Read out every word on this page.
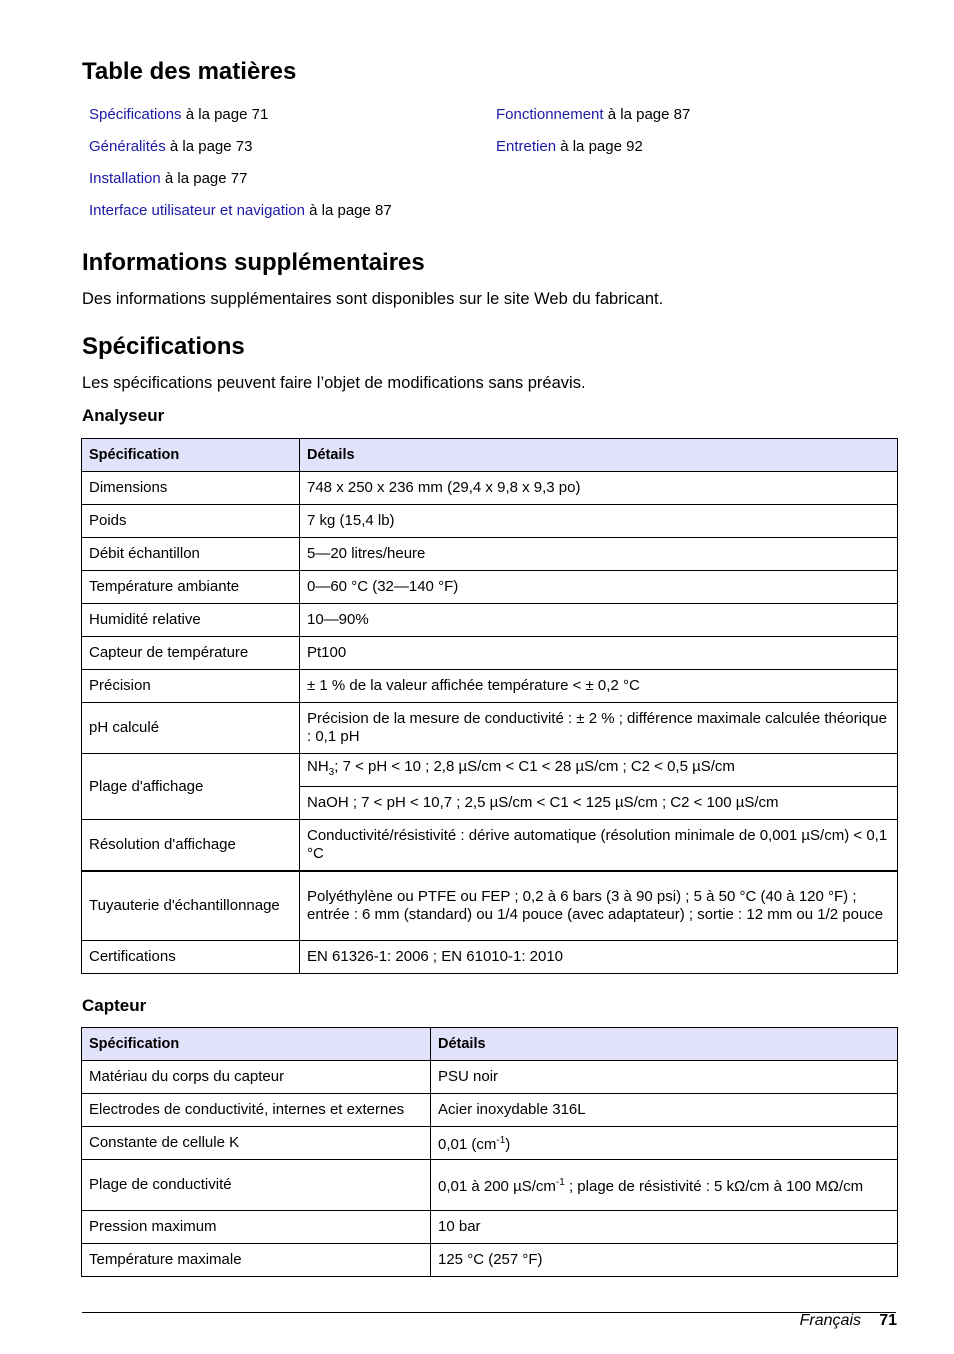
Table des matières
Spécifications à la page 71
Généralités à la page 73
Installation à la page 77
Interface utilisateur et navigation à la page 87
Fonctionnement à la page 87
Entretien à la page 92
Informations supplémentaires
Des informations supplémentaires sont disponibles sur le site Web du fabricant.
Spécifications
Les spécifications peuvent faire l’objet de modifications sans préavis.
Analyseur
Spécification	Détails
Dimensions	748 x 250 x 236 mm (29,4 x 9,8 x 9,3 po)
Poids	7 kg (15,4 lb)
Débit échantillon	5—20 litres/heure
Température ambiante	0—60 °C (32—140 °F)
Humidité relative	10—90%
Capteur de température	Pt100
Précision	± 1 % de la valeur affichée température < ± 0,2 °C
pH calculé	Précision de la mesure de conductivité : ± 2 % ; différence maximale calculée théorique : 0,1 pH
Plage d'affichage	$NH_3$; 7 < pH < 10 ; 2,8 µS/cm < C1 < 28 µS/cm ; C2 < 0,5 µS/cm
	NaOH ; 7 < pH < 10,7 ; 2,5 µS/cm < C1 < 125 µS/cm ; C2 < 100 µS/cm
Résolution d'affichage	Conductivité/résistivité : dérive automatique (résolution minimale de 0,001 µS/cm) < 0,1 °C
Tuyauterie d'échantillonnage	Polyéthylène ou PTFE ou FEP ; 0,2 à 6 bars (3 à 90 psi) ; 5 à 50 °C (40 à 120 °F) ; entrée : 6 mm (standard) ou 1/4 pouce (avec adaptateur) ; sortie : 12 mm ou 1/2 pouce
Certifications	EN 61326-1: 2006 ; EN 61010-1: 2010
Capteur
Spécification	Détails
Matériau du corps du capteur	PSU noir
Electrodes de conductivité, internes et externes	Acier inoxydable 316L
Constante de cellule K	0,01 $(cm^{-1})$
Plage de conductivité	0,01 à 200 $\mu S/cm^{-1}$ ; plage de résistivité : 5 kΩ/cm à 100 MΩ/cm
Pression maximum	10 bar
Température maximale	125 °C (257 °F)
Français 71
